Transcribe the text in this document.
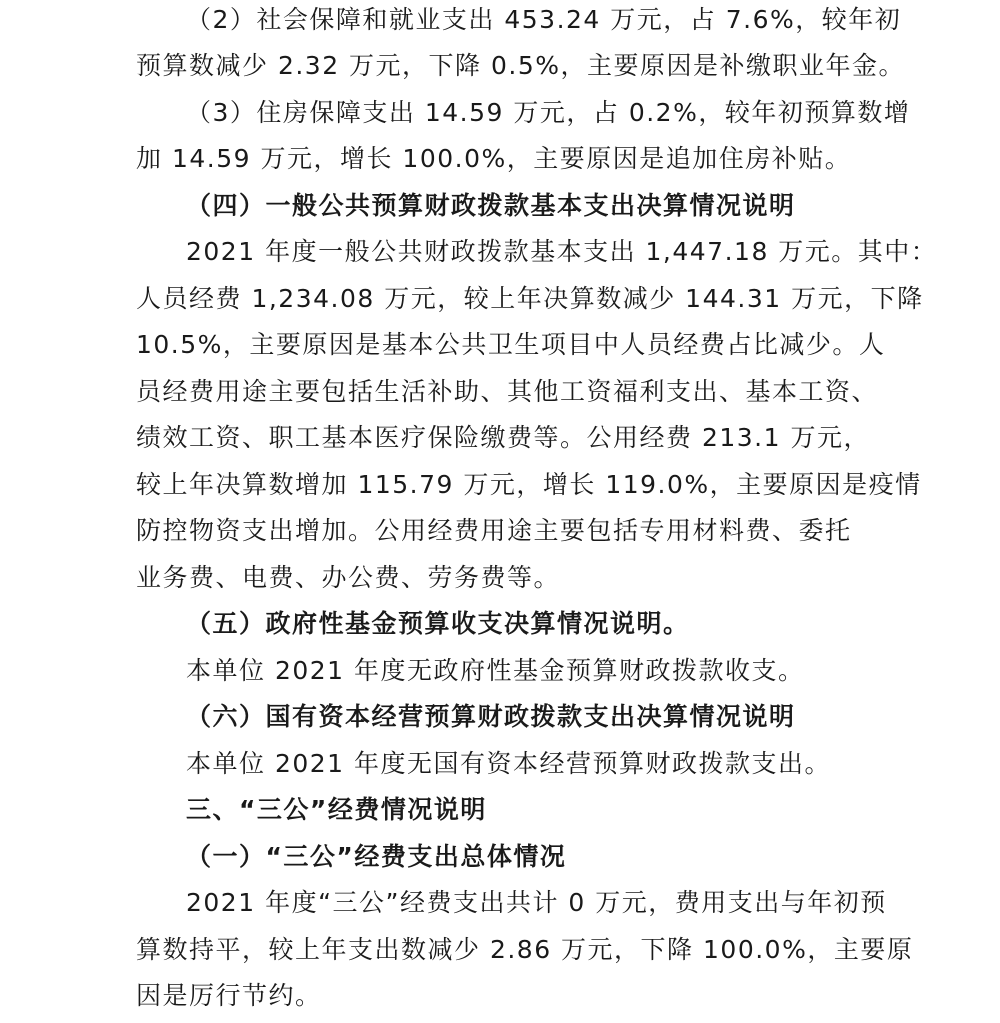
（2）社会保障和就业支出 453.24 万元，占 7.6%，较年初
预算数减少 2.32 万元，下降 0.5%，主要原因是补缴职业年金。
（3）住房保障支出 14.59 万元，占 0.2%，较年初预算数增
加 14.59 万元，增长 100.0%，主要原因是追加住房补贴。
（四）一般公共预算财政拨款基本支出决算情况说明
2021 年度一般公共财政拨款基本支出 1,447.18 万元。其中：
人员经费 1,234.08 万元，较上年决算数减少 144.31 万元，下降
10.5%，主要原因是基本公共卫生项目中人员经费占比减少。人
员经费用途主要包括生活补助、其他工资福利支出、基本工资、
绩效工资、职工基本医疗保险缴费等。公用经费 213.1 万元，
较上年决算数增加 115.79 万元，增长 119.0%，主要原因是疫情
防控物资支出增加。公用经费用途主要包括专用材料费、委托
业务费、电费、办公费、劳务费等。
（五）政府性基金预算收支决算情况说明。
本单位 2021 年度无政府性基金预算财政拨款收支。
（六）国有资本经营预算财政拨款支出决算情况说明
本单位 2021 年度无国有资本经营预算财政拨款支出。
三、“三公”经费情况说明
（一）“三公”经费支出总体情况
2021 年度“三公”经费支出共计 0 万元，费用支出与年初预
算数持平，较上年支出数减少 2.86 万元，下降 100.0%，主要原
因是厉行节约。
